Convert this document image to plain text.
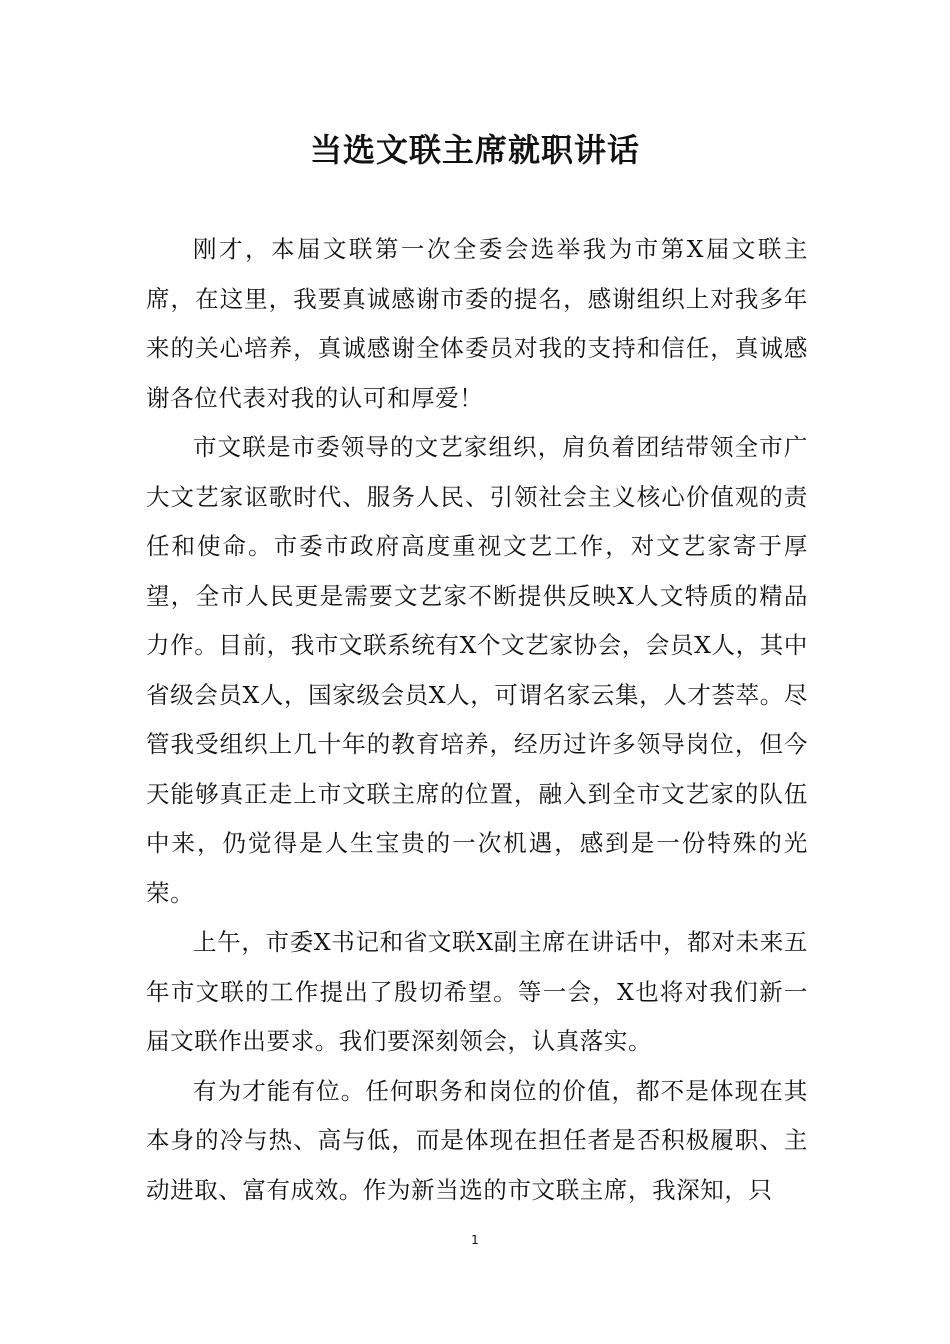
当选文联主席就职讲话

刚才，本届文联第一次全委会选举我为市第X届文联主席，在这里，我要真诚感谢市委的提名，感谢组织上对我多年来的关心培养，真诚感谢全体委员对我的支持和信任，真诚感谢各位代表对我的认可和厚爱！

市文联是市委领导的文艺家组织，肩负着团结带领全市广大文艺家讴歌时代、服务人民、引领社会主义核心价值观的责任和使命。市委市政府高度重视文艺工作，对文艺家寄于厚望，全市人民更是需要文艺家不断提供反映X人文特质的精品力作。目前，我市文联系统有X个文艺家协会，会员X人，其中省级会员X人，国家级会员X人，可谓名家云集，人才荟萃。尽管我受组织上几十年的教育培养，经历过许多领导岗位，但今天能够真正走上市文联主席的位置，融入到全市文艺家的队伍中来，仍觉得是人生宝贵的一次机遇，感到是一份特殊的光荣。

上午，市委X书记和省文联X副主席在讲话中，都对未来五年市文联的工作提出了殷切希望。等一会，X也将对我们新一届文联作出要求。我们要深刻领会，认真落实。

有为才能有位。任何职务和岗位的价值，都不是体现在其本身的冷与热、高与低，而是体现在担任者是否积极履职、主动进取、富有成效。作为新当选的市文联主席，我深知，只

1
